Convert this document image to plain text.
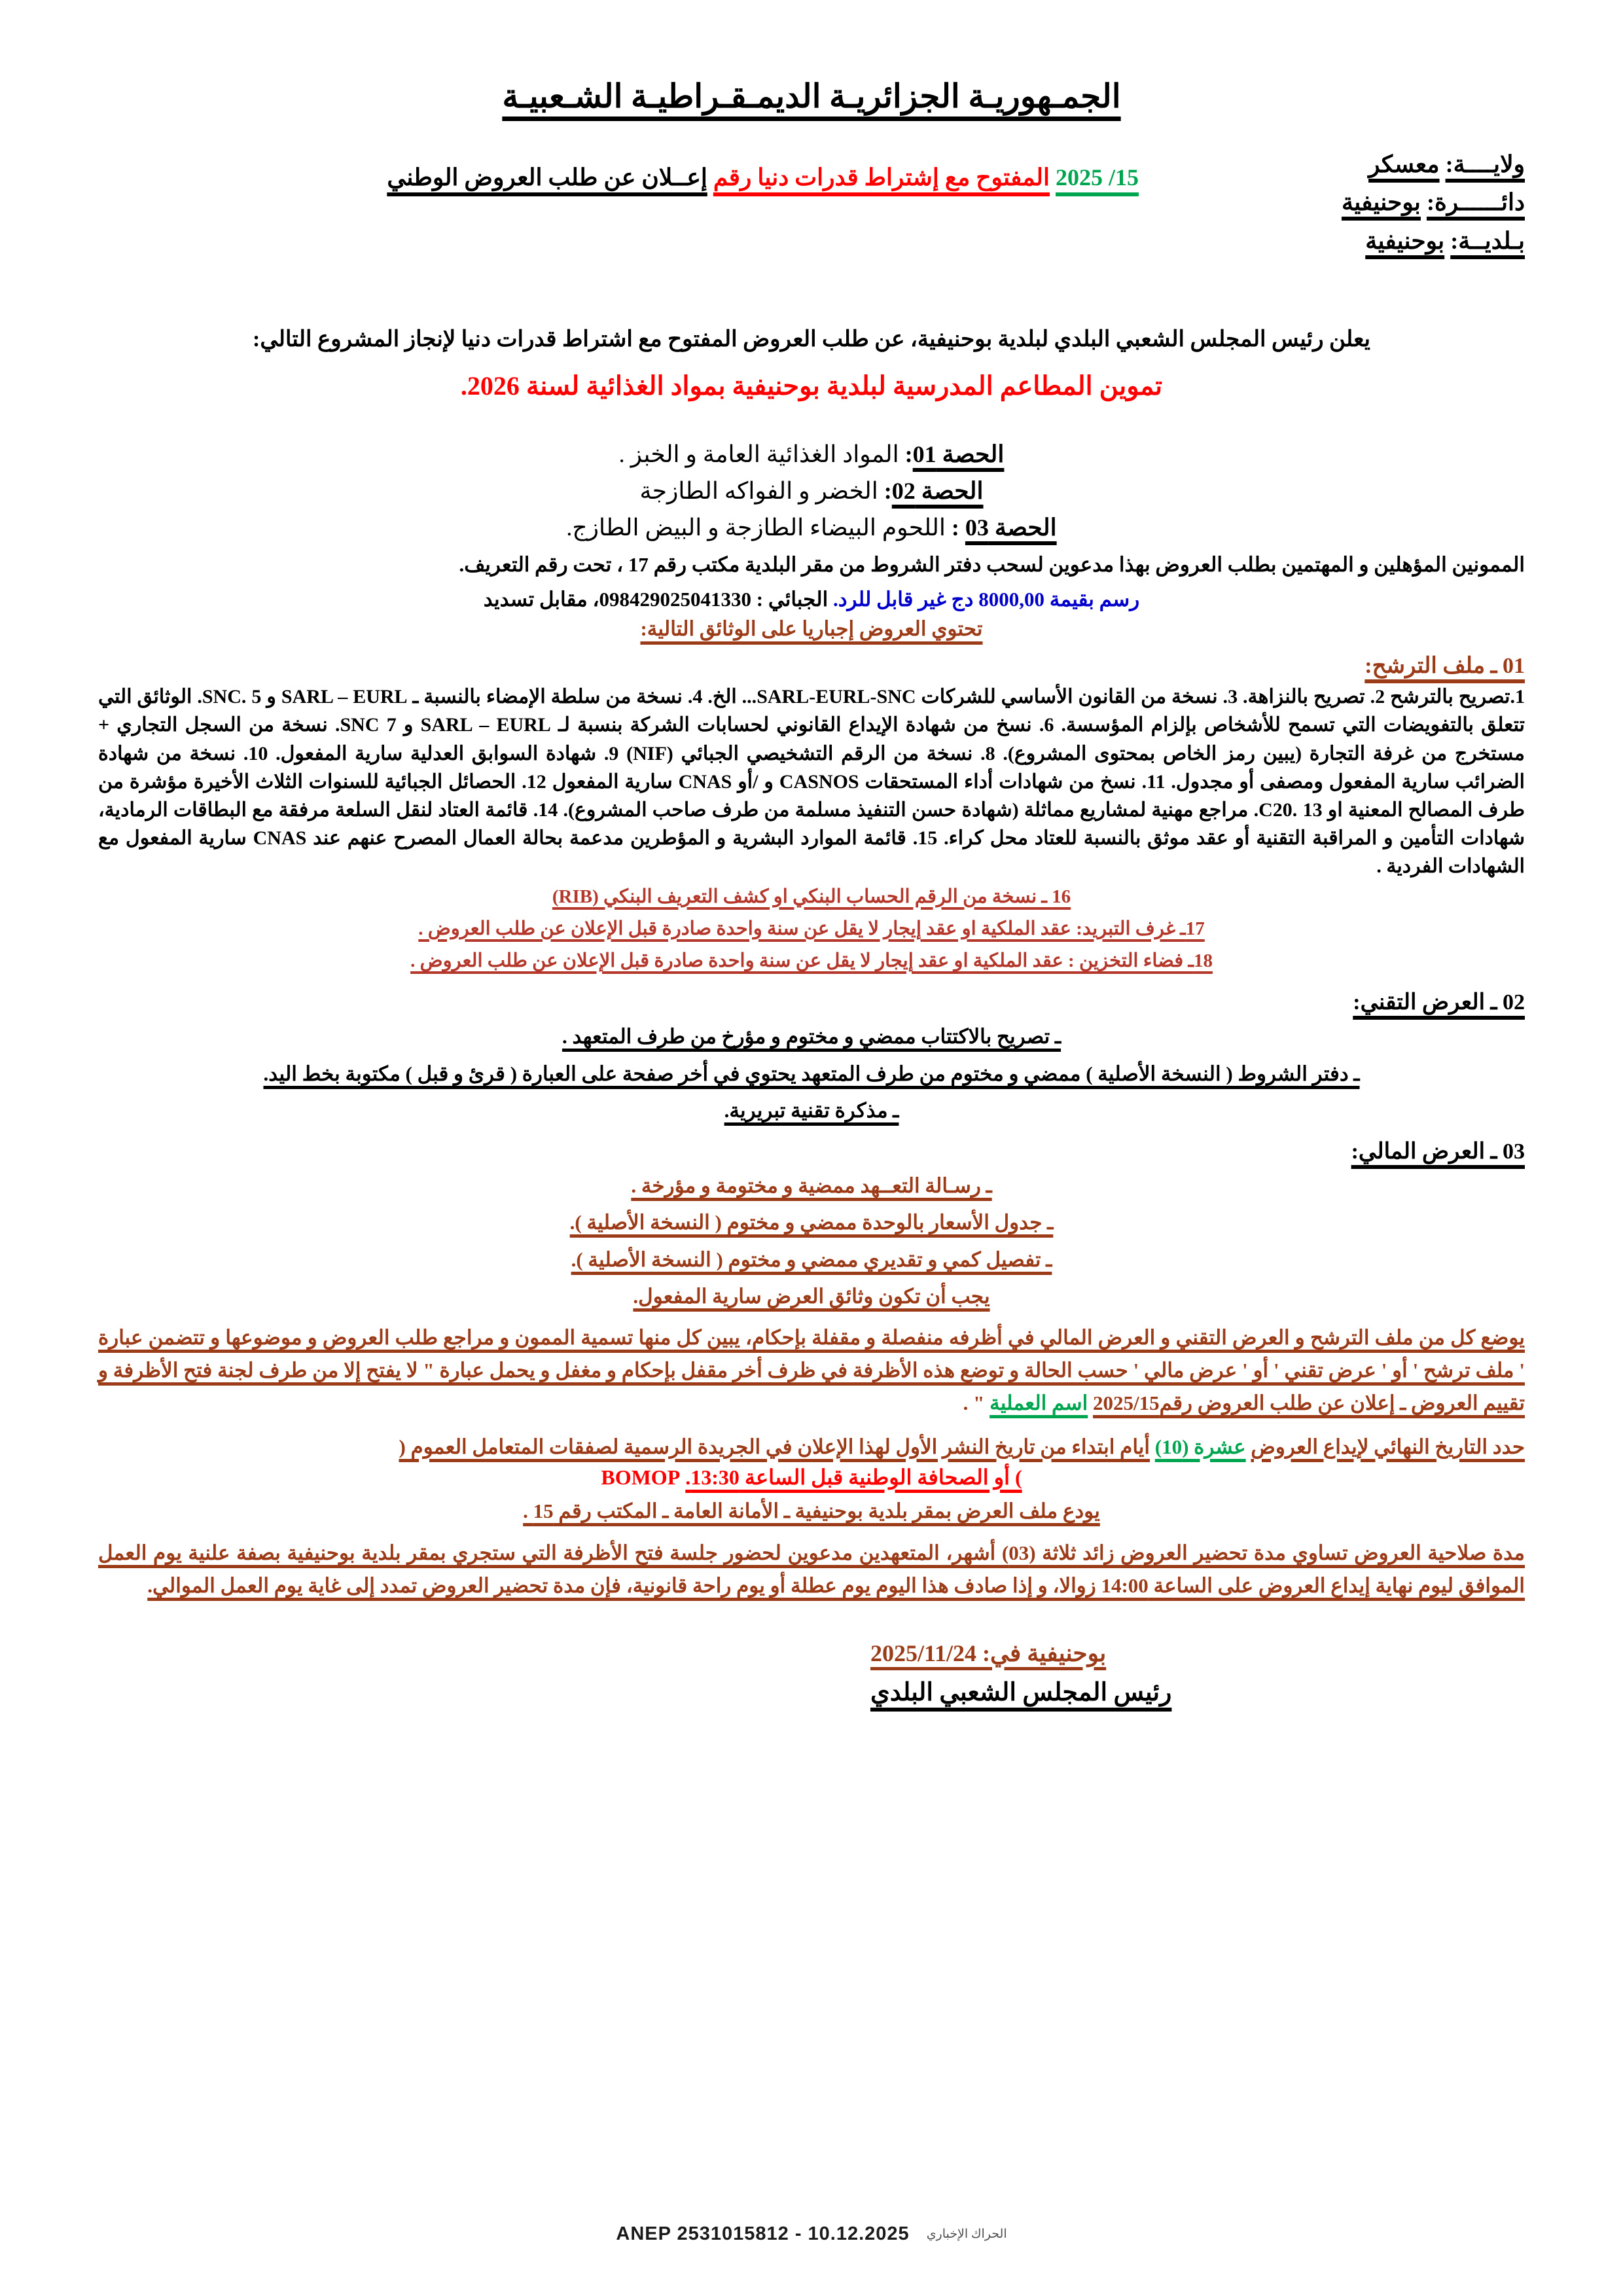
الجمـهوريـة الجزائريـة الديمـقـراطيـة الشـعبيـة
ولايــــة: معسكر
دائــــــرة: بوحنيفية
بـلديــة: بوحنيفية
15/ 2025 المفتوح مع إشتراط قدرات دنيا رقم إعــلان عن طلب العروض الوطني
يعلن رئيس المجلس الشعبي البلدي لبلدية بوحنيفية، عن طلب العروض المفتوح مع اشتراط قدرات دنيا لإنجاز المشروع التالي:
تموين المطاعم المدرسية لبلدية بوحنيفية بمواد الغذائية لسنة 2026.
الحصة 01: المواد الغذائية العامة و الخبز .
الحصة 02: الخضر و الفواكه الطازجة
الحصة 03 : اللحوم البيضاء الطازجة و البيض الطازج.
الممونين المؤهلين و المهتمين بطلب العروض بهذا مدعوين لسحب دفتر الشروط من مقر البلدية مكتب رقم 17 ، تحت رقم التعريف.
رسم بقيمة 8000,00 دج غير قابل للرد. الجبائي : 098429025041330، مقابل تسديد
تحتوي العروض إجباريا على الوثائق التالية:
01 ـ ملف الترشح:
1.تصريح بالترشح 2. تصريح بالنزاهة. 3. نسخة من القانون الأساسي للشركات SARL-EURL-SNC... الخ. 4. نسخة من سلطة الإمضاء بالنسبة ـ SARL – EURL و SNC. 5. الوثائق التي تتعلق بالتفويضات التي تسمح للأشخاص بإلزام المؤسسة. 6. نسخ من شهادة الإيداع القانوني لحسابات الشركة بنسبة لـ SARL – EURL و SNC 7. نسخة من السجل التجاري + مستخرج من غرفة التجارة (يبين رمز الخاص بمحتوى المشروع). 8. نسخة من الرقم التشخيصي الجبائي (NIF) 9. شهادة السوابق العدلية سارية المفعول. 10. نسخة من شهادة الضرائب سارية المفعول ومصفى أو مجدول. 11. نسخ من شهادات أداء المستحقات CASNOS و /أو CNAS سارية المفعول 12. الحصائل الجبائية للسنوات الثلاث الأخيرة مؤشرة من طرف المصالح المعنية او C20. 13. مراجع مهنية لمشاريع مماثلة (شهادة حسن التنفيذ مسلمة من طرف صاحب المشروع). 14. قائمة العتاد لنقل السلعة مرفقة مع البطاقات الرمادية، شهادات التأمين و المراقبة التقنية أو عقد موثق بالنسبة للعتاد محل كراء. 15. قائمة الموارد البشرية و المؤطرين مدعمة بحالة العمال المصرح عنهم عند CNAS سارية المفعول مع الشهادات الفردية .
16 ـ نسخة من الرقم الحساب البنكي او كشف التعريف البنكي (RIB)
17ـ غرف التبريد: عقد الملكية او عقد إيجار لا يقل عن سنة واحدة صادرة قبل الإعلان عن طلب العروض .
18ـ فضاء التخزين : عقد الملكية او عقد إيجار لا يقل عن سنة واحدة صادرة قبل الإعلان عن طلب العروض .
02 ـ العرض التقني:
ـ تصريح بالاكتتاب ممضي و مختوم و مؤرخ من طرف المتعهد .
ـ دفتر الشروط ( النسخة الأصلية ) ممضي و مختوم من طرف المتعهد يحتوي في أخر صفحة على العبارة ( قرئ و قبل ) مكتوبة بخط اليد.
ـ مذكرة تقنية تبريرية.
03 ـ العرض المالي:
ـ رسـالة التعــهد ممضية و مختومة و مؤرخة .
ـ جدول الأسعار بالوحدة ممضي و مختوم ( النسخة الأصلية ).
ـ تفصيل كمي و تقديري ممضي و مختوم ( النسخة الأصلية ).
يجب أن تكون وثائق العرض سارية المفعول.
يوضع كل من ملف الترشح و العرض التقني و العرض المالي في أظرفه منفصلة و مقفلة بإحكام، يبين كل منها تسمية الممون و مراجع طلب العروض و موضوعها و تتضمن عبارة ' ملف ترشح ' أو ' عرض تقني ' أو ' عرض مالي ' حسب الحالة و توضع هذه الأظرفة في ظرف أخر مقفل بإحكام و مغفل و يحمل عبارة " لا يفتح إلا من طرف لجنة فتح الأظرفة و تقييم العروض ـ إعلان عن طلب العروض رقم2025/15 اسم العملية " .
حدد التاريخ النهائي لإيداع العروض عشرة (10) أيام ابتداء من تاريخ النشر الأول لهذا الإعلان في الجريدة الرسمية لصفقات المتعامل العموم (
) أو الصحافة الوطنية قبل الساعة 13:30. BOMOP
يودع ملف العرض بمقر بلدية بوحنيفية ـ الأمانة العامة ـ المكتب رقم 15 .
مدة صلاحية العروض تساوي مدة تحضير العروض زائد ثلاثة (03) أشهر، المتعهدين مدعوين لحضور جلسة فتح الأظرفة التي ستجري بمقر بلدية بوحنيفية بصفة علنية يوم العمل الموافق ليوم نهاية إيداع العروض على الساعة 14:00 زوالا، و إذا صادف هذا اليوم يوم عطلة أو يوم راحة قانونية، فإن مدة تحضير العروض تمدد إلى غاية يوم العمل الموالي.
بوحنيفية في: 2025/11/24
رئيس المجلس الشعبي البلدي
ANEP 2531015812 - 10.12.2025 الحراك الإخباري
